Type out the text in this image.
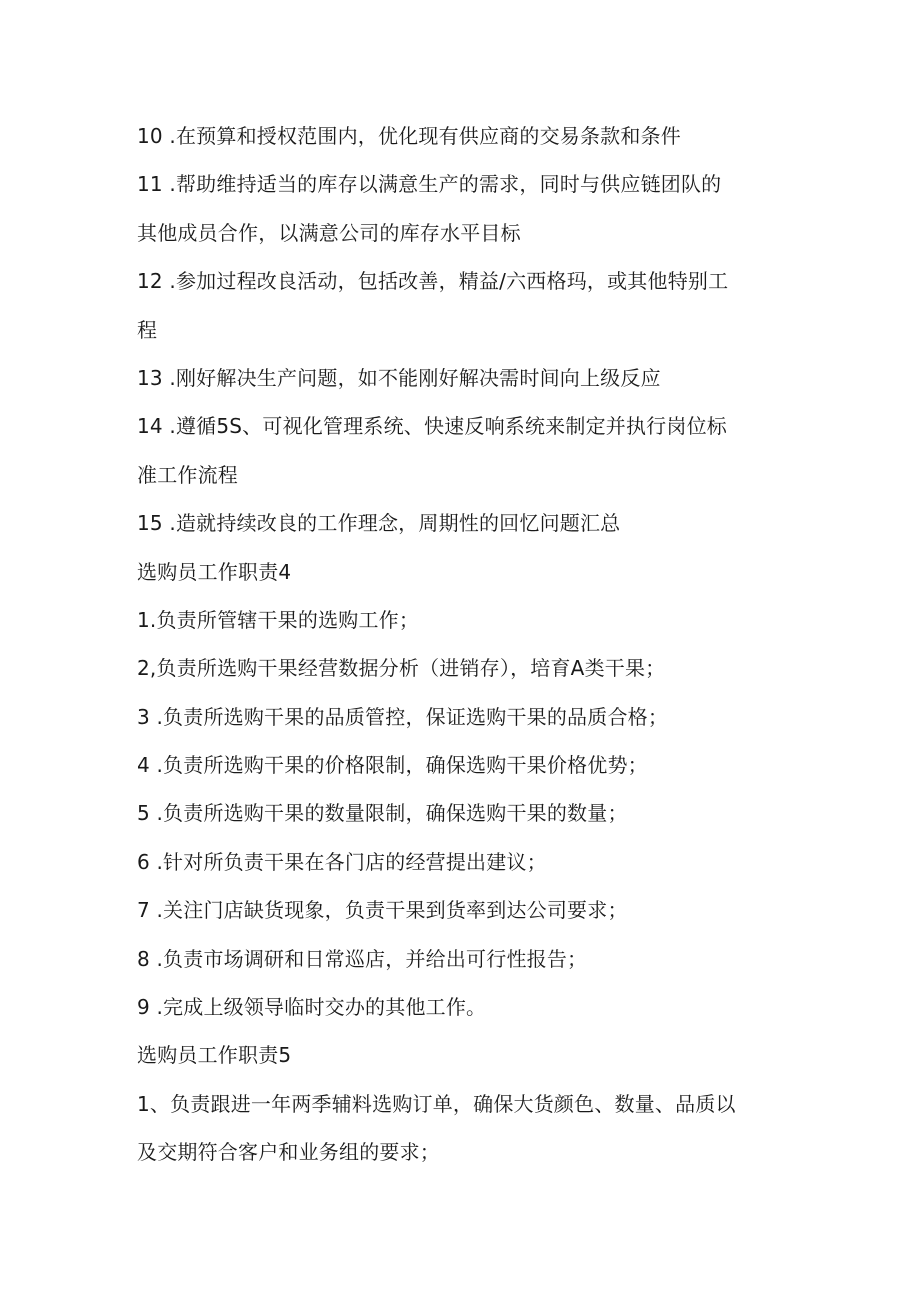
10 .在预算和授权范围内，优化现有供应商的交易条款和条件
11 .帮助维持适当的库存以满意生产的需求，同时与供应链团队的
其他成员合作，以满意公司的库存水平目标
12 .参加过程改良活动，包括改善，精益/六西格玛，或其他特别工
程
13 .刚好解决生产问题，如不能刚好解决需时间向上级反应
14 .遵循5S、可视化管理系统、快速反响系统来制定并执行岗位标
准工作流程
15 .造就持续改良的工作理念，周期性的回忆问题汇总
选购员工作职责4
1.负责所管辖干果的选购工作；
2,负责所选购干果经营数据分析（进销存），培育A类干果；
3 .负责所选购干果的品质管控，保证选购干果的品质合格；
4 .负责所选购干果的价格限制，确保选购干果价格优势；
5 .负责所选购干果的数量限制，确保选购干果的数量；
6 .针对所负责干果在各门店的经营提出建议；
7 .关注门店缺货现象，负责干果到货率到达公司要求；
8 .负责市场调研和日常巡店，并给出可行性报告；
9 .完成上级领导临时交办的其他工作。
选购员工作职责5
1、负责跟进一年两季辅料选购订单，确保大货颜色、数量、品质以
及交期符合客户和业务组的要求；
